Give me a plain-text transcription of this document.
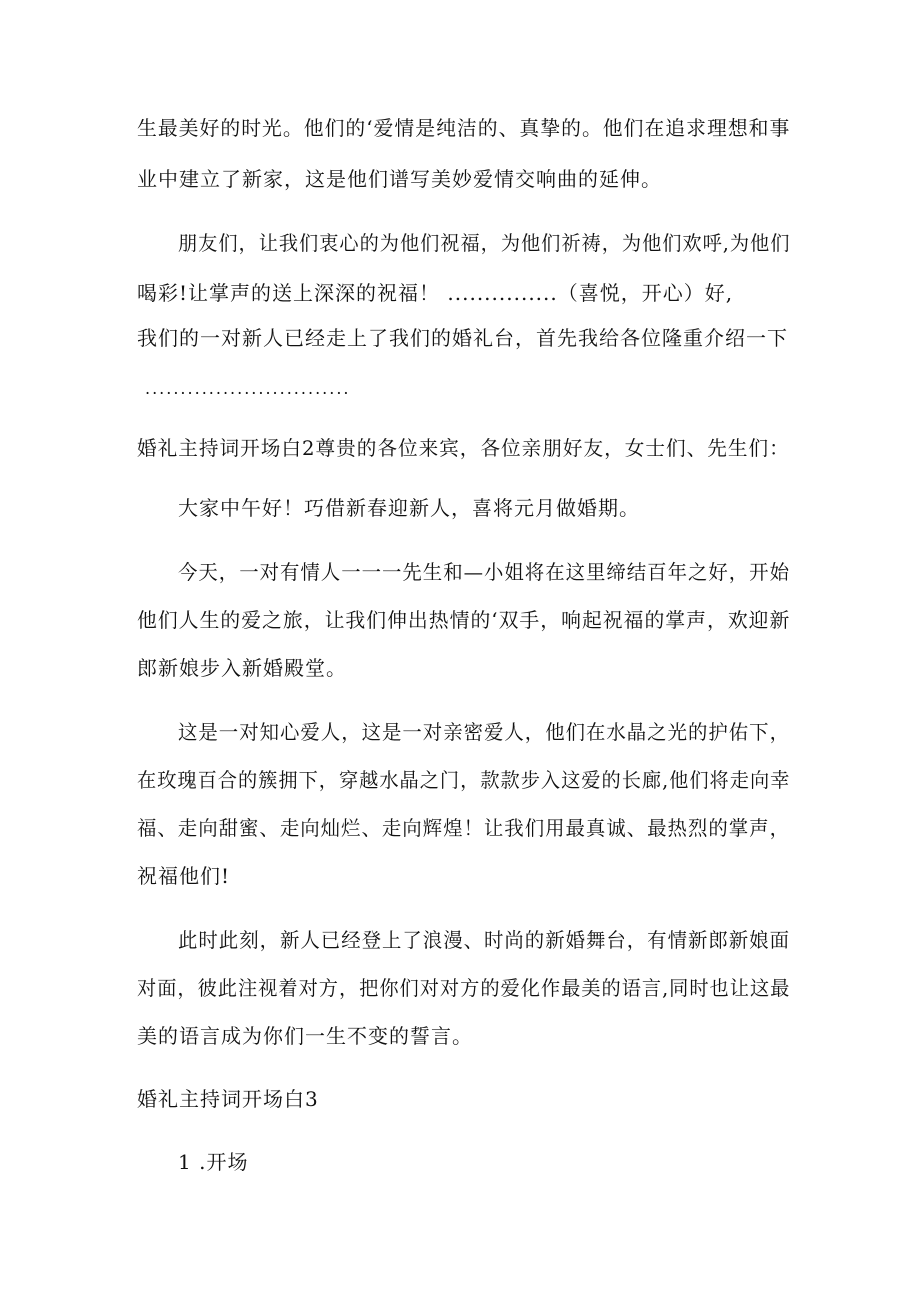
生最美好的时光。他们的‘爱情是纯洁的、真挚的。他们在追求理想和事
业中建立了新家，这是他们谱写美妙爱情交响曲的延伸。
朋友们，让我们衷心的为他们祝福，为他们祈祷，为他们欢呼,为他们
喝彩!让掌声的送上深深的祝福！ ...............（喜悦，开心）好,
我们的一对新人已经走上了我们的婚礼台，首先我给各位隆重介绍一下
.............................
婚礼主持词开场白2尊贵的各位来宾，各位亲朋好友，女士们、先生们：
大家中午好！巧借新春迎新人，喜将元月做婚期。
今天，一对有情人一一一先生和—小姐将在这里缔结百年之好，开始
他们人生的爱之旅，让我们伸出热情的‘双手，响起祝福的掌声，欢迎新
郎新娘步入新婚殿堂。
这是一对知心爱人，这是一对亲密爱人，他们在水晶之光的护佑下，
在玫瑰百合的簇拥下，穿越水晶之门，款款步入这爱的长廊,他们将走向幸
福、走向甜蜜、走向灿烂、走向辉煌！让我们用最真诚、最热烈的掌声，
祝福他们!
此时此刻，新人已经登上了浪漫、时尚的新婚舞台，有情新郎新娘面
对面，彼此注视着对方，把你们对对方的爱化作最美的语言,同时也让这最
美的语言成为你们一生不变的誓言。
婚礼主持词开场白3
1 .开场
